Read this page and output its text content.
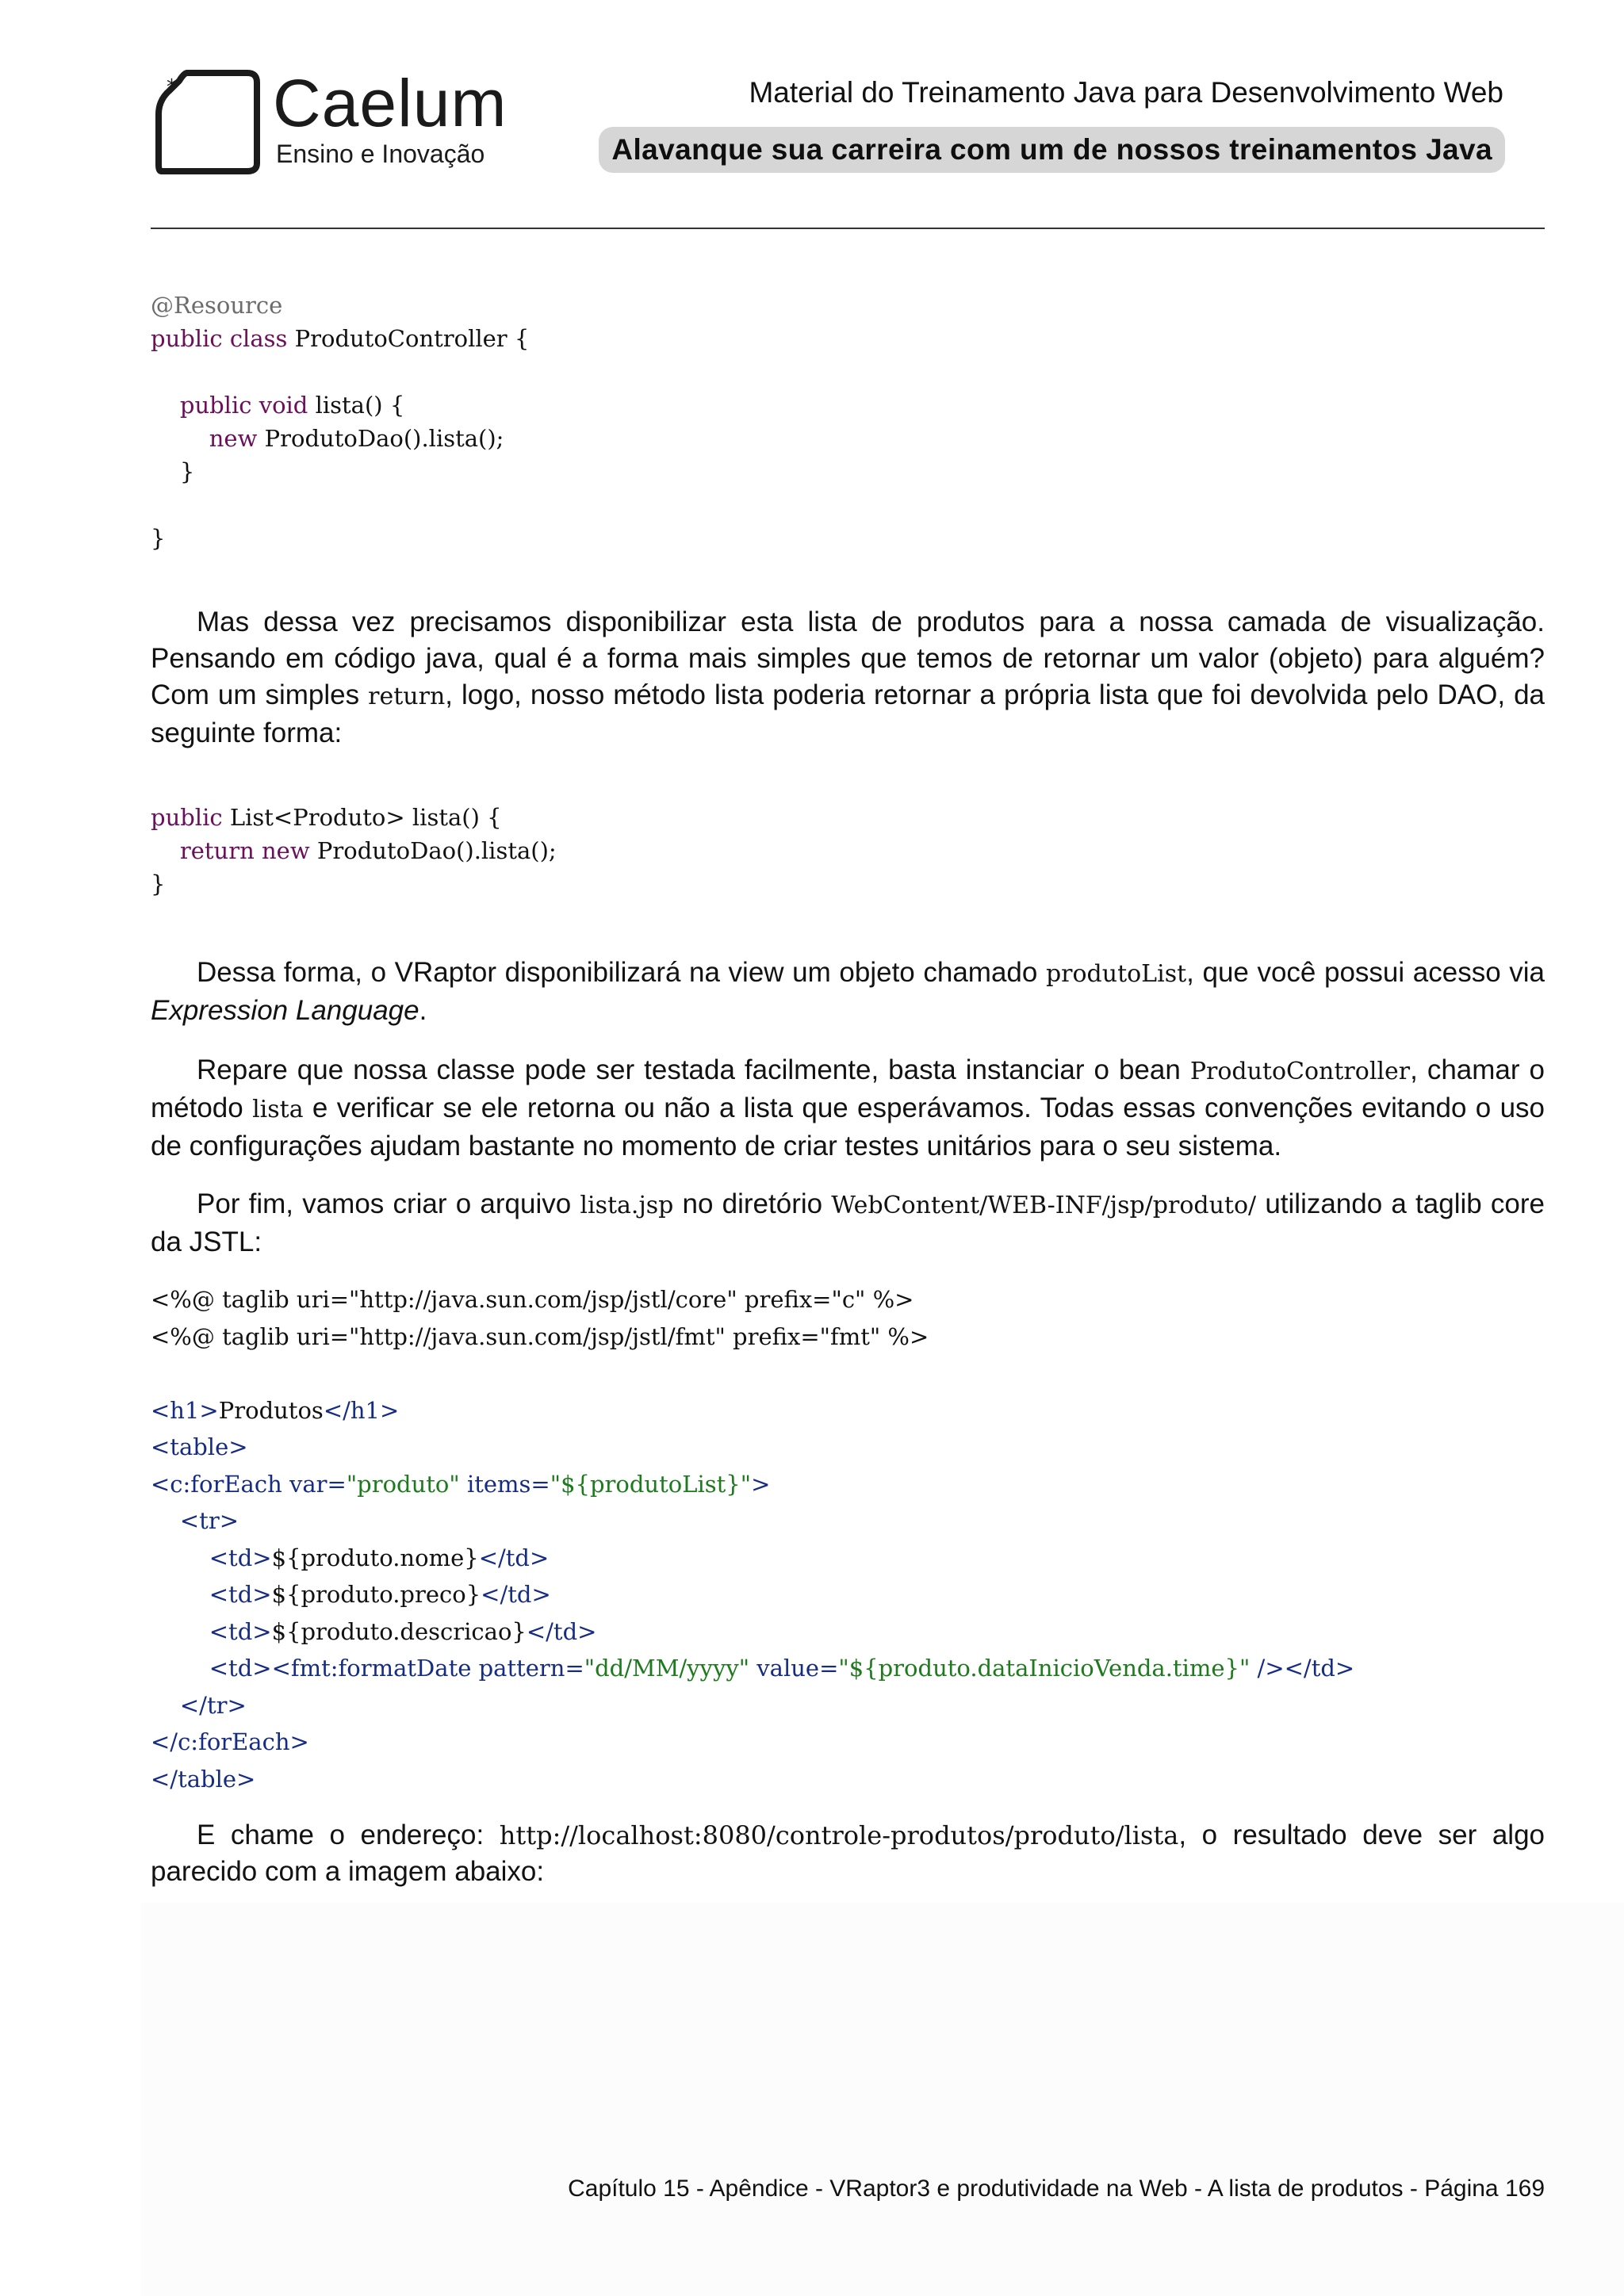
* Caelum
Ensino e Inovação
Material do Treinamento Java para Desenvolvimento Web
Alavanque sua carreira com um de nossos treinamentos Java
@Resource
public class ProdutoController {
public void lista() {
new ProdutoDao().lista();
}
}

Mas dessa vez precisamos disponibilizar esta lista de produtos para a nossa camada de visualização. Pensando em código java, qual é a forma mais simples que temos de retornar um valor (objeto) para alguém? Com um simples return, logo, nosso método lista poderia retornar a própria lista que foi devolvida pelo DAO, da seguinte forma:

public List<Produto> lista() {
return new ProdutoDao().lista();
}

Dessa forma, o VRaptor disponibilizará na view um objeto chamado produtoList, que você possui acesso via Expression Language.

Repare que nossa classe pode ser testada facilmente, basta instanciar o bean ProdutoController, chamar o método lista e verificar se ele retorna ou não a lista que esperávamos. Todas essas convenções evitando o uso de configurações ajudam bastante no momento de criar testes unitários para o seu sistema.

Por fim, vamos criar o arquivo lista.jsp no diretório WebContent/WEB-INF/jsp/produto/ utilizando a taglib core da JSTL:

<%@ taglib uri="http://java.sun.com/jsp/jstl/core" prefix="c" %>
<%@ taglib uri="http://java.sun.com/jsp/jstl/fmt" prefix="fmt" %>
<h1>Produtos</h1>
<table>
<c:forEach var="produto" items="${produtoList}">
<tr>
<td>${produto.nome}</td>
<td>${produto.preco}</td>
<td>${produto.descricao}</td>
<td><fmt:formatDate pattern="dd/MM/yyyy" value="${produto.dataInicioVenda.time}" /></td>
</tr>
</c:forEach>
</table>

E chame o endereço: http://localhost:8080/controle-produtos/produto/lista, o resultado deve ser algo parecido com a imagem abaixo:

Capítulo 15 - Apêndice - VRaptor3 e produtividade na Web - A lista de produtos - Página 169
